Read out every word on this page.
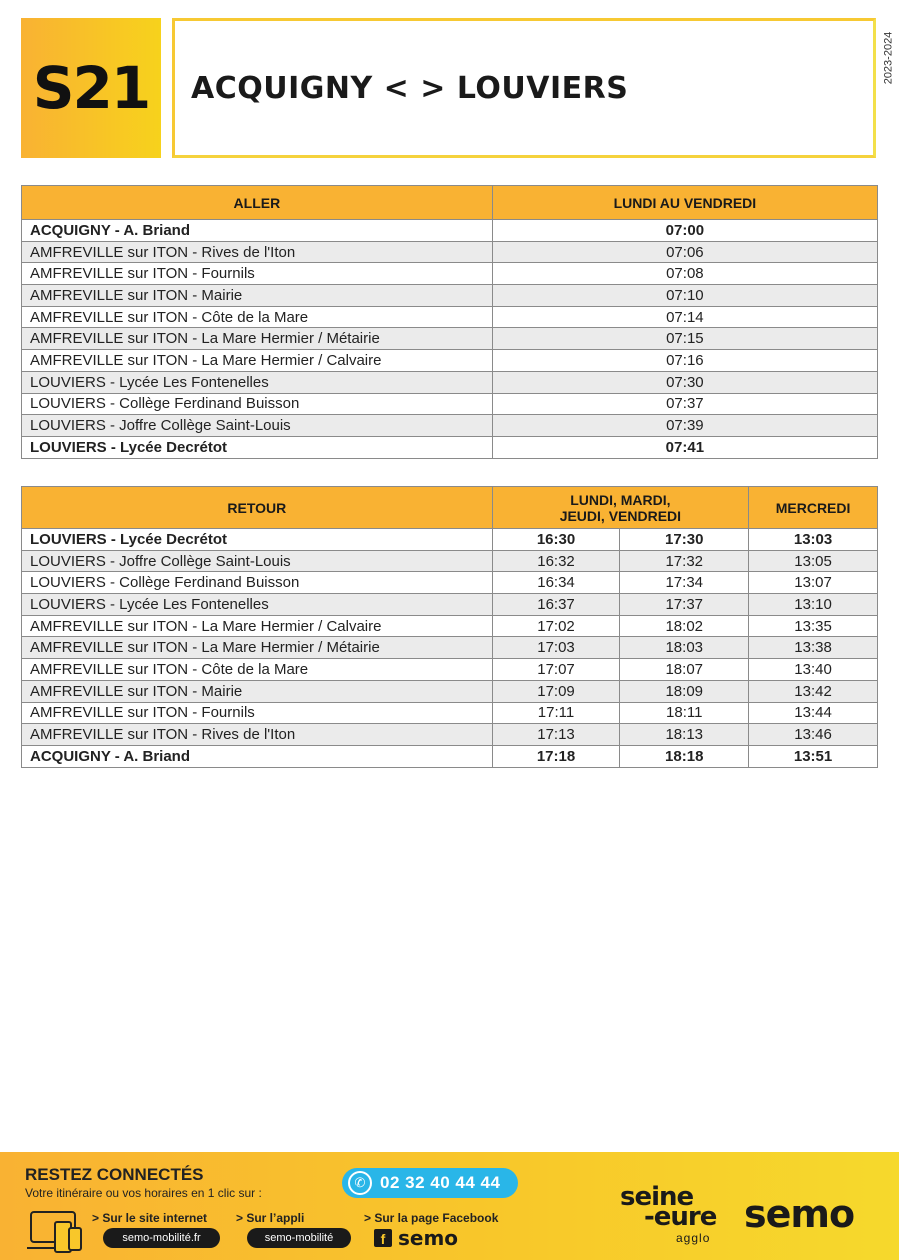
S21 ACQUIGNY < > LOUVIERS
2023-2024
ALLER	LUNDI AU VENDREDI
ACQUIGNY - A. Briand	07:00
AMFREVILLE sur ITON - Rives de l'Iton	07:06
AMFREVILLE sur ITON - Fournils	07:08
AMFREVILLE sur ITON - Mairie	07:10
AMFREVILLE sur ITON - Côte de la Mare	07:14
AMFREVILLE sur ITON - La Mare Hermier / Métairie	07:15
AMFREVILLE sur ITON - La Mare Hermier / Calvaire	07:16
LOUVIERS - Lycée Les Fontenelles	07:30
LOUVIERS - Collège Ferdinand Buisson	07:37
LOUVIERS - Joffre Collège Saint-Louis	07:39
LOUVIERS - Lycée Decrétot	07:41
RETOUR	LUNDI, MARDI,
JEUDI, VENDREDI		MERCREDI
LOUVIERS - Lycée Decrétot	16:30	17:30	13:03
LOUVIERS - Joffre Collège Saint-Louis	16:32	17:32	13:05
LOUVIERS - Collège Ferdinand Buisson	16:34	17:34	13:07
LOUVIERS - Lycée Les Fontenelles	16:37	17:37	13:10
AMFREVILLE sur ITON - La Mare Hermier / Calvaire	17:02	18:02	13:35
AMFREVILLE sur ITON - La Mare Hermier / Métairie	17:03	18:03	13:38
AMFREVILLE sur ITON - Côte de la Mare	17:07	18:07	13:40
AMFREVILLE sur ITON - Mairie	17:09	18:09	13:42
AMFREVILLE sur ITON - Fournils	17:11	18:11	13:44
AMFREVILLE sur ITON - Rives de l'Iton	17:13	18:13	13:46
ACQUIGNY - A. Briand	17:18	18:18	13:51
RESTEZ CONNECTÉS
Votre itinéraire ou vos horaires en 1 clic sur :
✆ 02 32 40 44 44
> Sur le site internet
semo-mobilité.fr
> Sur l’appli
semo-mobilité
> Sur la page Facebook
f semo
seine
-eure
agglo
semo
